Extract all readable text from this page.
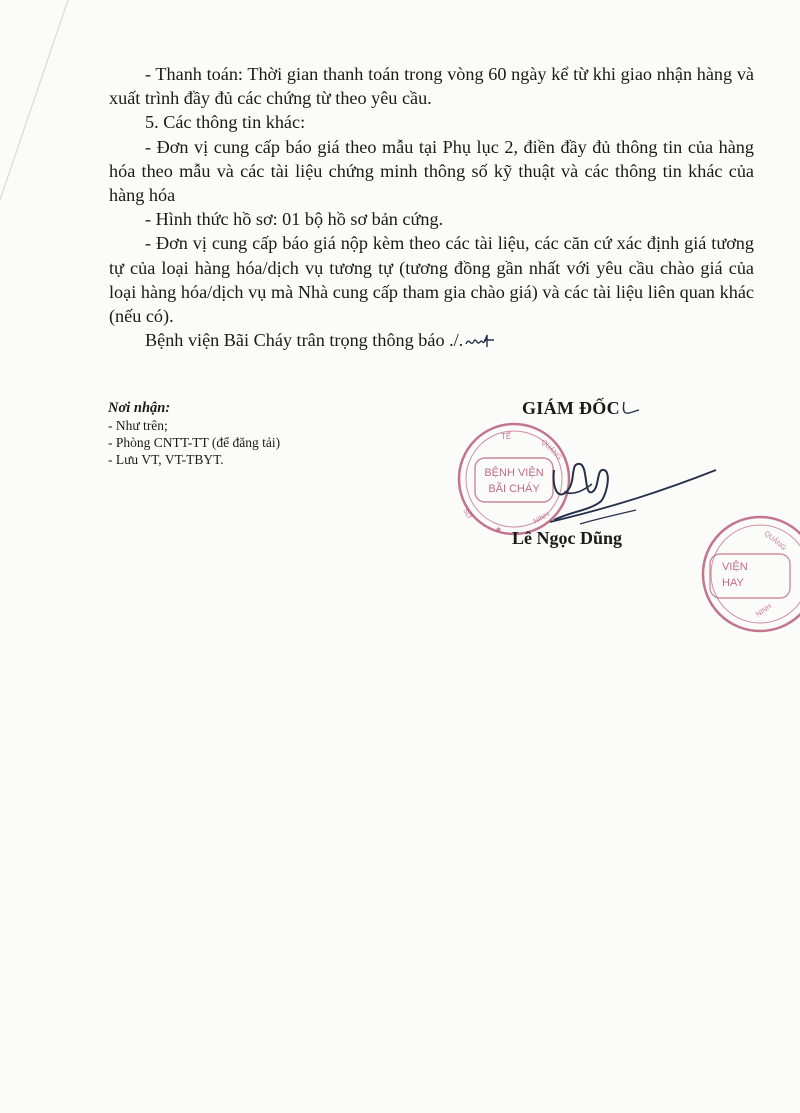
- Thanh toán: Thời gian thanh toán trong vòng 60 ngày kể từ khi giao nhận hàng và xuất trình đầy đủ các chứng từ theo yêu cầu.

5. Các thông tin khác:

- Đơn vị cung cấp báo giá theo mẫu tại Phụ lục 2, điền đầy đủ thông tin của hàng hóa theo mẫu và các tài liệu chứng minh thông số kỹ thuật và các thông tin khác của hàng hóa

- Hình thức hồ sơ: 01 bộ hồ sơ bản cứng.

- Đơn vị cung cấp báo giá nộp kèm theo các tài liệu, các căn cứ xác định giá tương tự của loại hàng hóa/dịch vụ tương tự (tương đồng gần nhất với yêu cầu chào giá của loại hàng hóa/dịch vụ mà Nhà cung cấp tham gia chào giá) và các tài liệu liên quan khác (nếu có).

Bệnh viện Bãi Cháy trân trọng thông báo ./.

Nơi nhận:
- Như trên;
- Phòng CNTT-TT (để đăng tải)
- Lưu VT, VT-TBYT.
GIÁM ĐỐC
BỆNH VIỆN
BÃI CHÁY
TẾ
QUẢNG
NINH
SỞ
★ Lê Ngọc Dũng
VIỆN
HAY
QUẢNG
NINH
